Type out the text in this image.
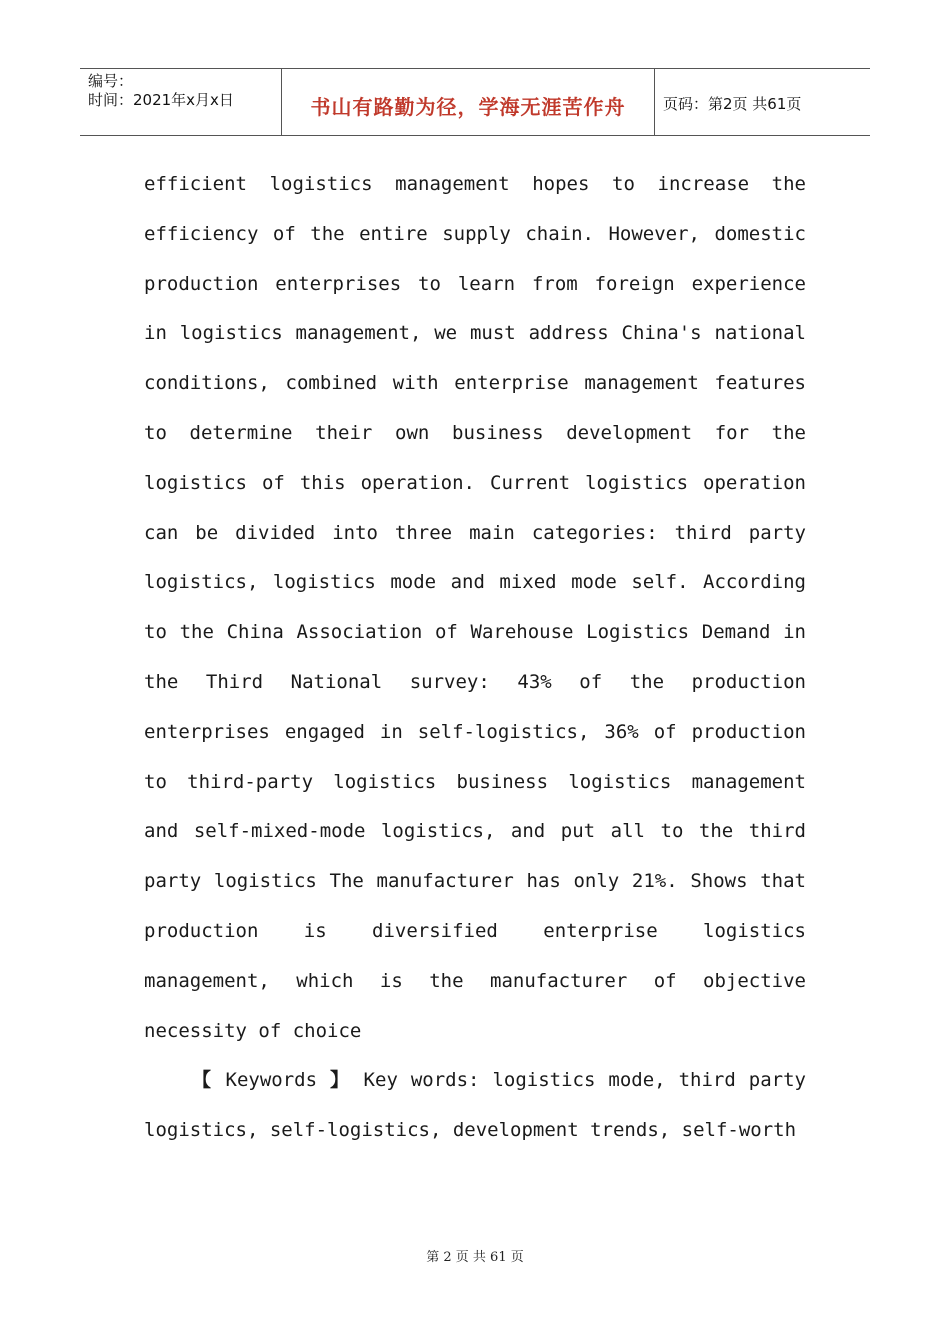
编号：
时间：2021年x月x日	书山有路勤为径，学海无涯苦作舟	页码：第2页 共61页

efficient logistics management hopes to increase the efficiency of the entire supply chain. However, domestic production enterprises to learn from foreign experience in logistics management, we must address China's national conditions, combined with enterprise management features to determine their own business development for the logistics of this operation. Current logistics operation can be divided into three main categories: third party logistics, logistics mode and mixed mode self. According to the China Association of Warehouse Logistics Demand in the Third National survey: 43% of the production enterprises engaged in self-logistics, 36% of production to third-party logistics business logistics management and self-mixed-mode logistics, and put all to the third party logistics The manufacturer has only 21%. Shows that production is diversified enterprise logistics management, which is the manufacturer of objective necessity of choice

【 Keywords 】 Key words: logistics mode, third party logistics, self-logistics, development trends, self-worth

第 2 页 共 61 页
